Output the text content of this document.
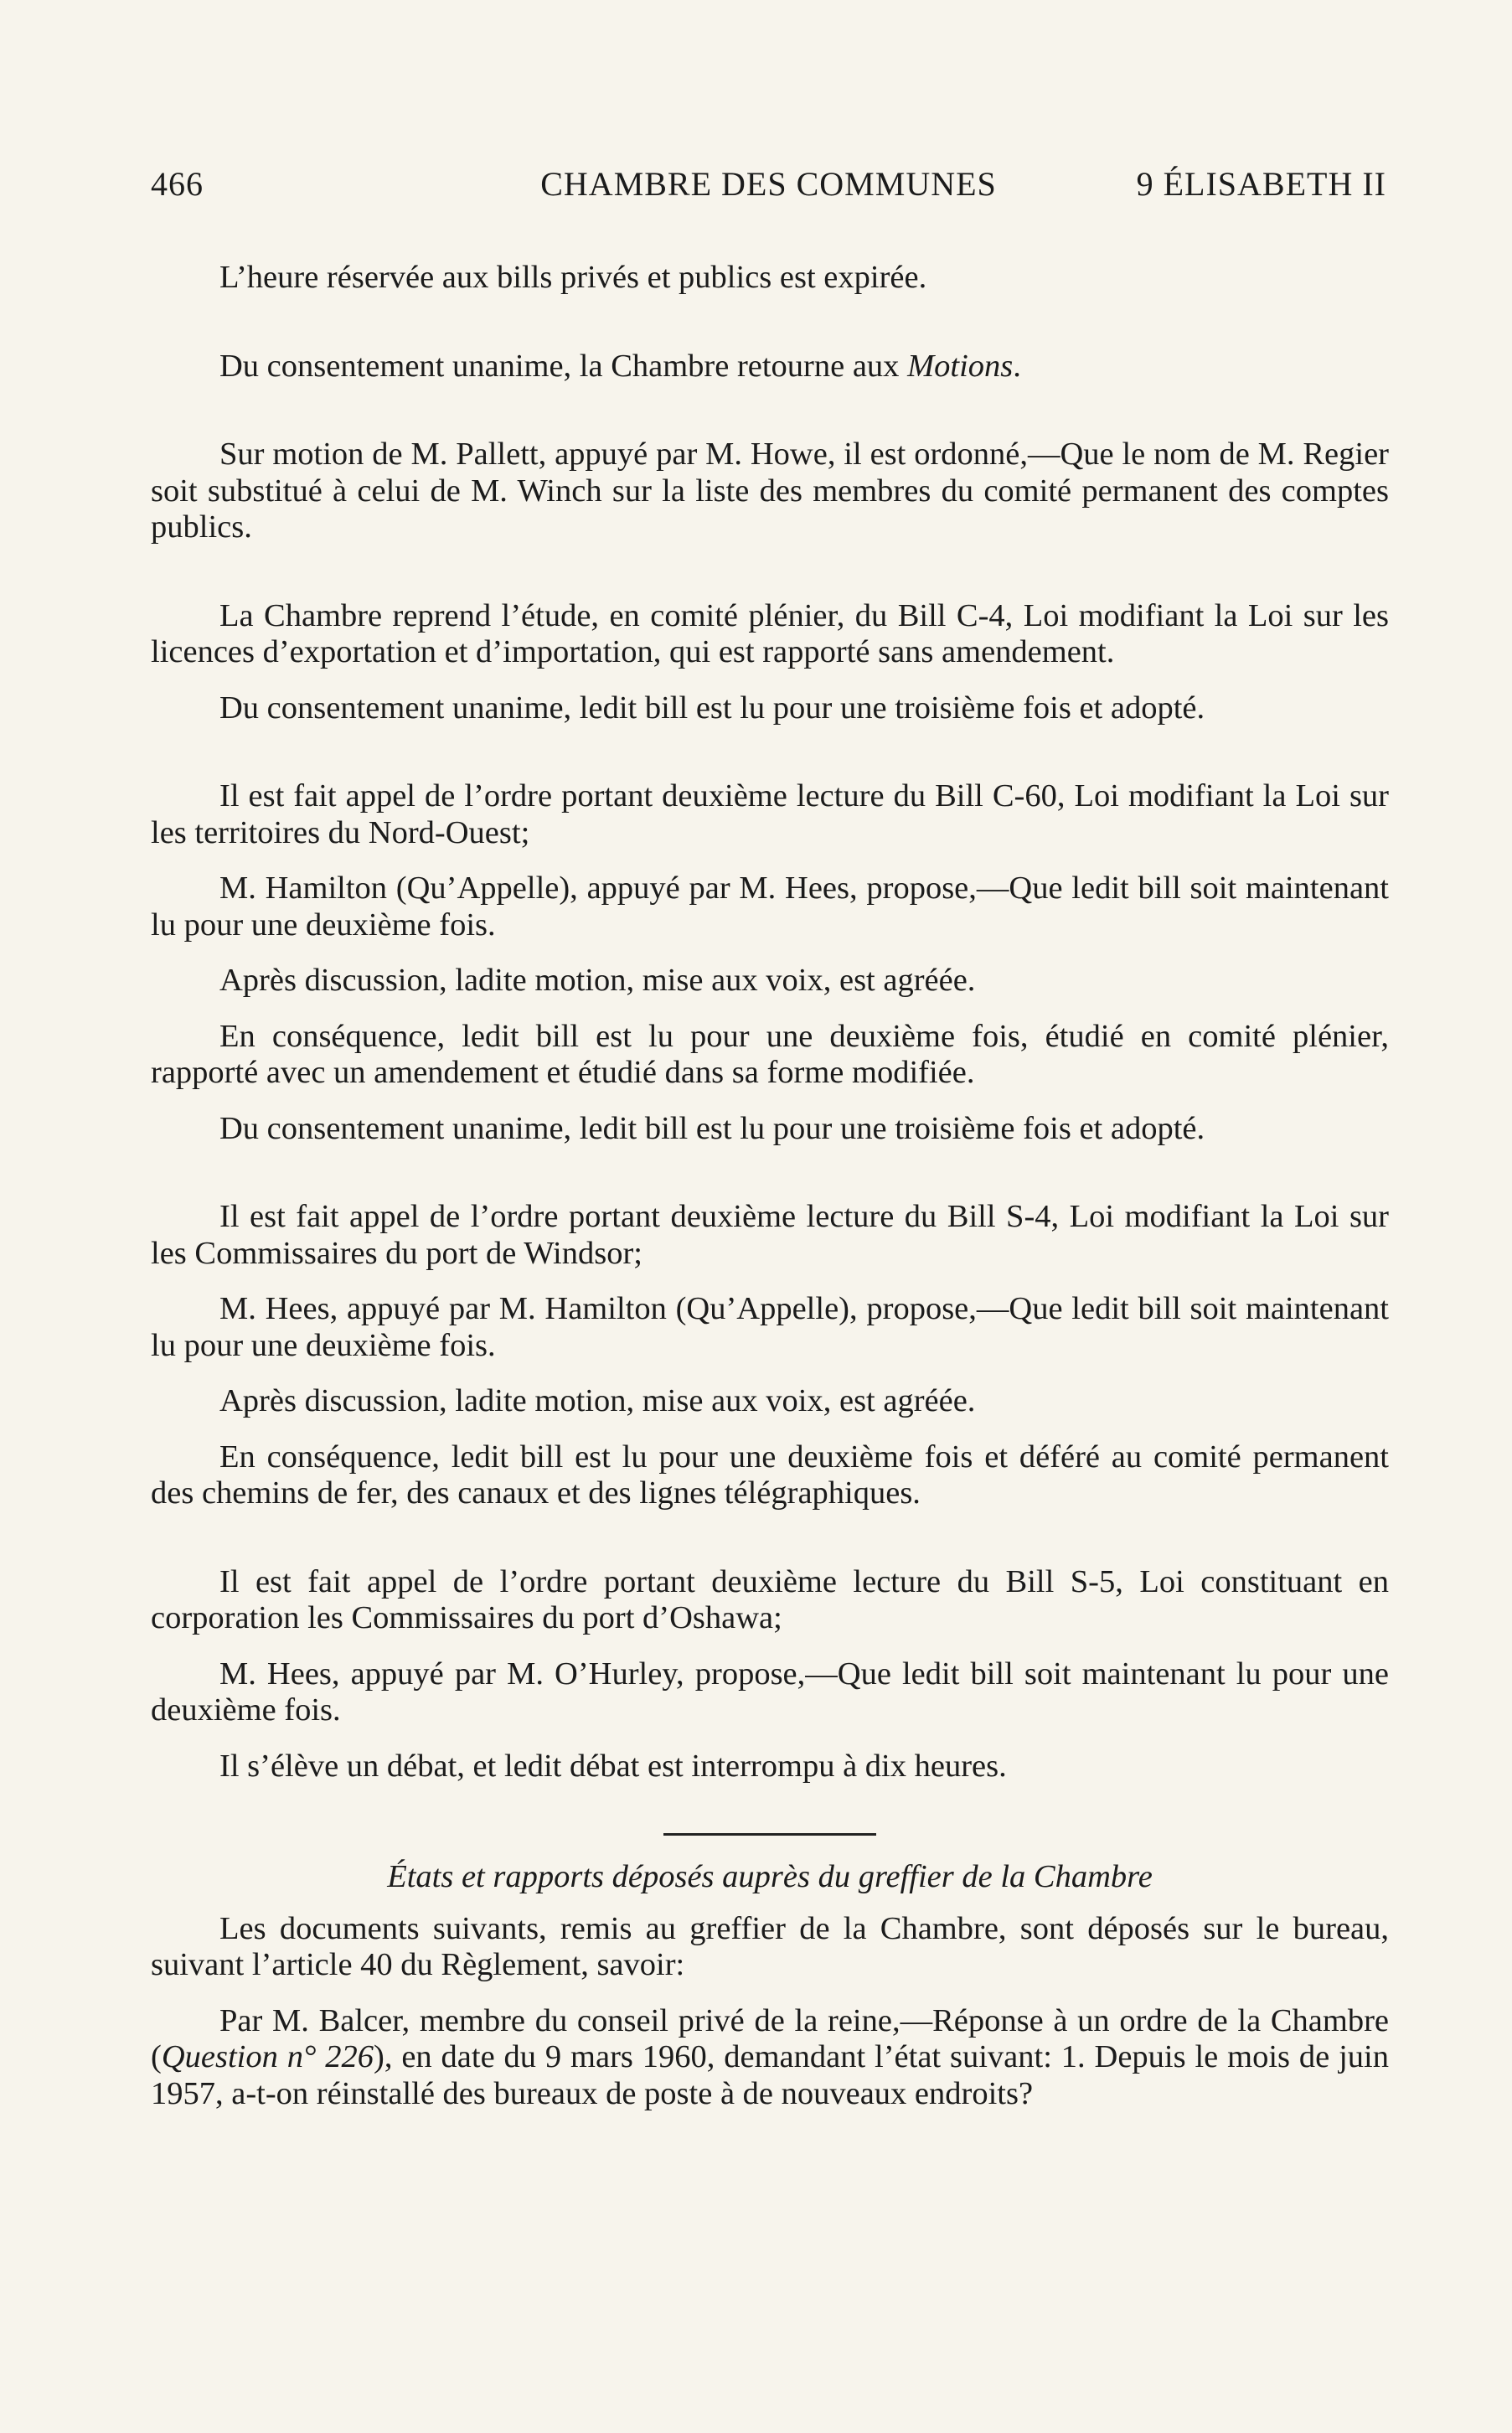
466	CHAMBRE DES COMMUNES	9 ÉLISABETH II

L’heure réservée aux bills privés et publics est expirée.

Du consentement unanime, la Chambre retourne aux Motions.

Sur motion de M. Pallett, appuyé par M. Howe, il est ordonné,—Que le nom de M. Regier soit substitué à celui de M. Winch sur la liste des membres du comité permanent des comptes publics.

La Chambre reprend l’étude, en comité plénier, du Bill C-4, Loi modifiant la Loi sur les licences d’exportation et d’importation, qui est rapporté sans amendement.

Du consentement unanime, ledit bill est lu pour une troisième fois et adopté.

Il est fait appel de l’ordre portant deuxième lecture du Bill C-60, Loi modifiant la Loi sur les territoires du Nord-Ouest;

M. Hamilton (Qu’Appelle), appuyé par M. Hees, propose,—Que ledit bill soit maintenant lu pour une deuxième fois.

Après discussion, ladite motion, mise aux voix, est agréée.

En conséquence, ledit bill est lu pour une deuxième fois, étudié en comité plénier, rapporté avec un amendement et étudié dans sa forme modifiée.

Du consentement unanime, ledit bill est lu pour une troisième fois et adopté.

Il est fait appel de l’ordre portant deuxième lecture du Bill S-4, Loi modifiant la Loi sur les Commissaires du port de Windsor;

M. Hees, appuyé par M. Hamilton (Qu’Appelle), propose,—Que ledit bill soit maintenant lu pour une deuxième fois.

Après discussion, ladite motion, mise aux voix, est agréée.

En conséquence, ledit bill est lu pour une deuxième fois et déféré au comité permanent des chemins de fer, des canaux et des lignes télégraphiques.

Il est fait appel de l’ordre portant deuxième lecture du Bill S-5, Loi constituant en corporation les Commissaires du port d’Oshawa;

M. Hees, appuyé par M. O’Hurley, propose,—Que ledit bill soit maintenant lu pour une deuxième fois.

Il s’élève un débat, et ledit débat est interrompu à dix heures.

États et rapports déposés auprès du greffier de la Chambre

Les documents suivants, remis au greffier de la Chambre, sont déposés sur le bureau, suivant l’article 40 du Règlement, savoir:

Par M. Balcer, membre du conseil privé de la reine,—Réponse à un ordre de la Chambre (Question n° 226), en date du 9 mars 1960, demandant l’état suivant: 1. Depuis le mois de juin 1957, a-t-on réinstallé des bureaux de poste à de nouveaux endroits?
